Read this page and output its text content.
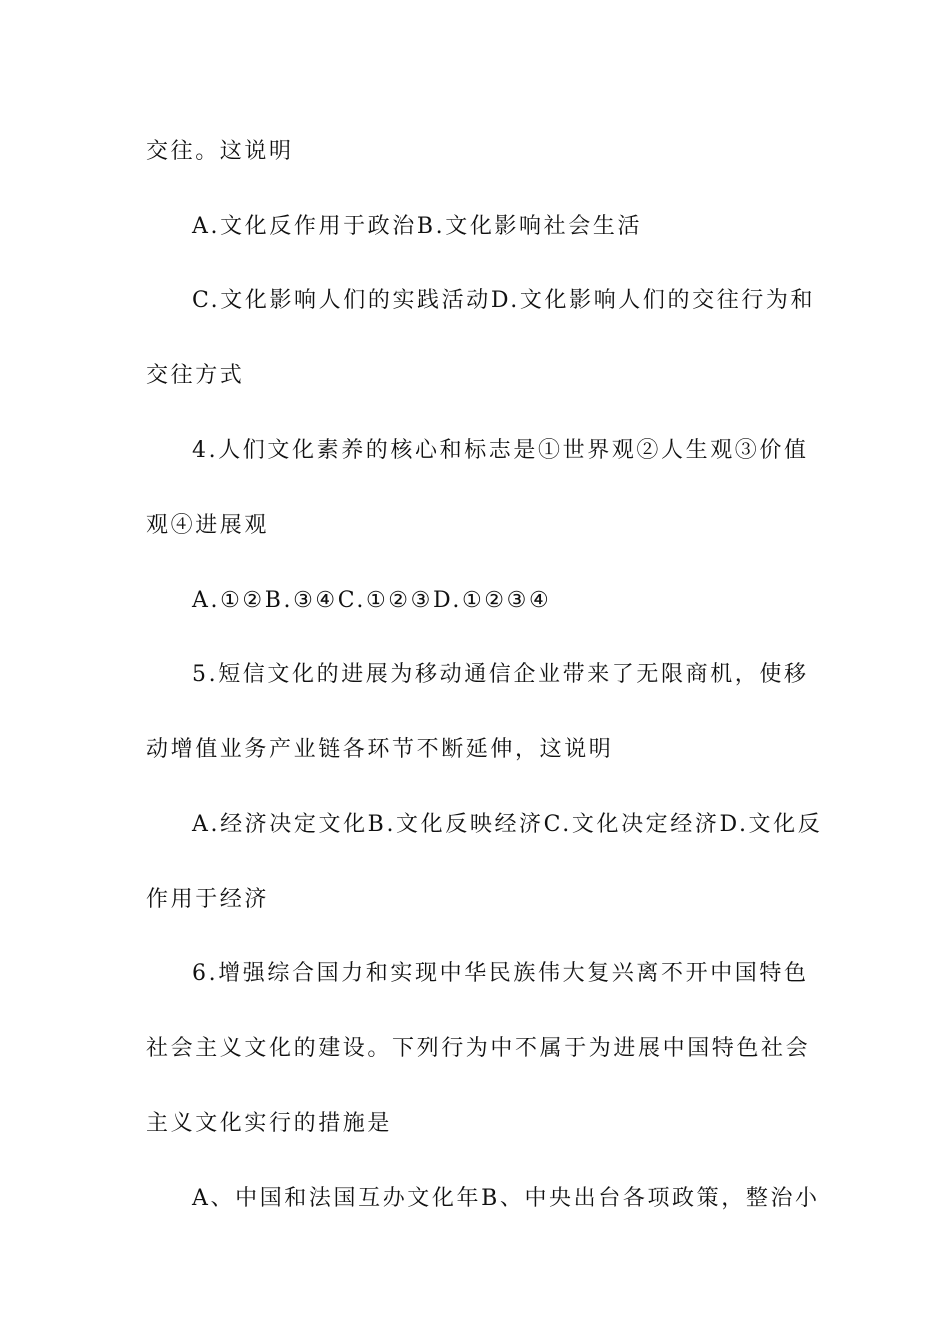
交往。这说明
A.文化反作用于政治B.文化影响社会生活
C.文化影响人们的实践活动D.文化影响人们的交往行为和
交往方式
4.人们文化素养的核心和标志是①世界观②人生观③价值
观④进展观
A.①②B.③④C.①②③D.①②③④
5.短信文化的进展为移动通信企业带来了无限商机，使移
动增值业务产业链各环节不断延伸，这说明
A.经济决定文化B.文化反映经济C.文化决定经济D.文化反
作用于经济
6.增强综合国力和实现中华民族伟大复兴离不开中国特色
社会主义文化的建设。下列行为中不属于为进展中国特色社会
主义文化实行的措施是
A、中国和法国互办文化年B、中央出台各项政策，整治小
